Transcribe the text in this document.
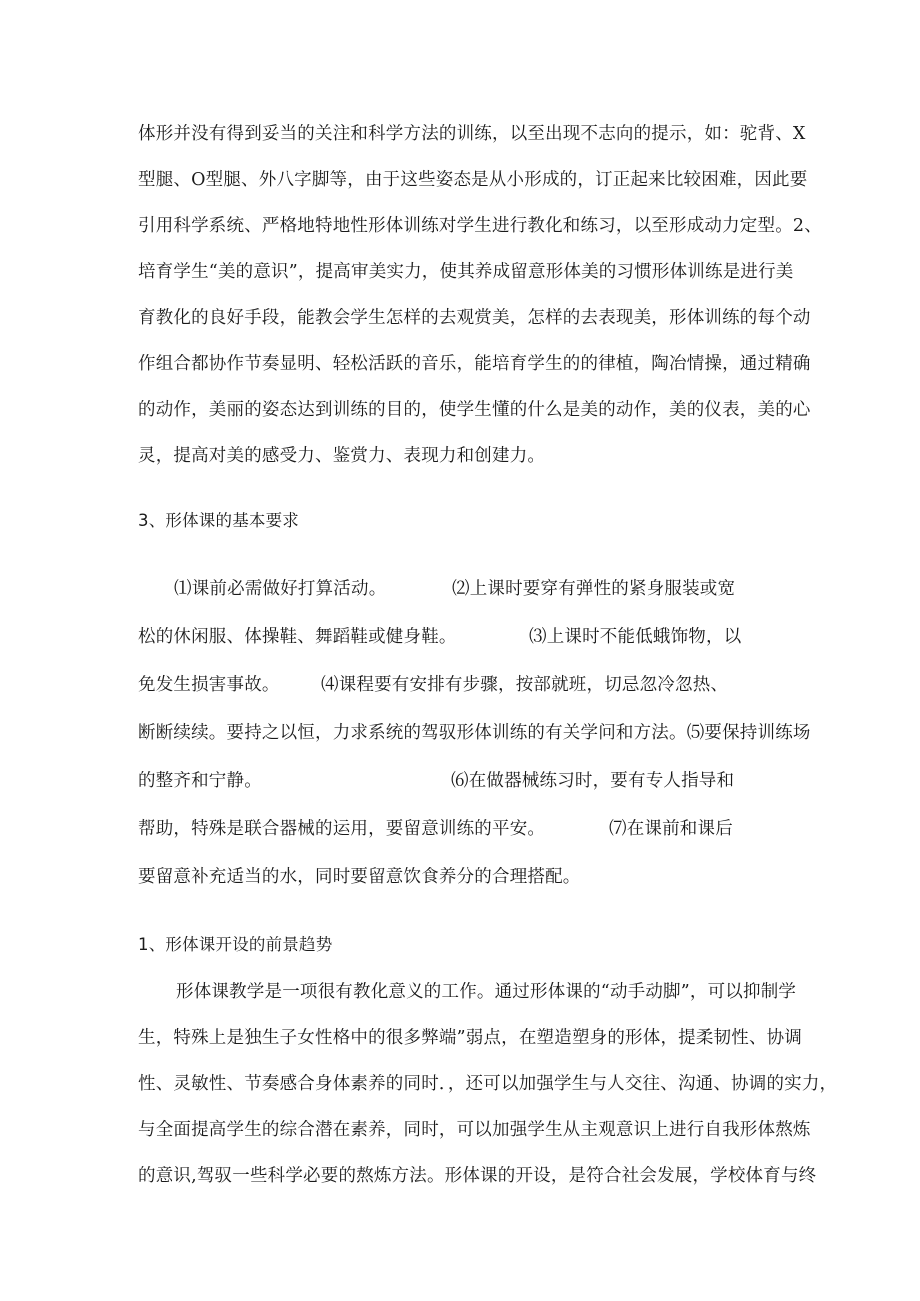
体形并没有得到妥当的关注和科学方法的训练，以至出现不志向的提示，如：驼背、X
型腿、O型腿、外八字脚等，由于这些姿态是从小形成的，订正起来比较困难，因此要
引用科学系统、严格地特地性形体训练对学生进行教化和练习，以至形成动力定型。2、
培育学生“美的意识”，提高审美实力，使其养成留意形体美的习惯形体训练是进行美
育教化的良好手段，能教会学生怎样的去观赏美，怎样的去表现美，形体训练的每个动
作组合都协作节奏显明、轻松活跃的音乐，能培育学生的的律植，陶冶情操，通过精确
的动作，美丽的姿态达到训练的目的，使学生懂的什么是美的动作，美的仪表，美的心
灵，提高对美的感受力、鉴赏力、表现力和创建力。
3、形体课的基本要求
⑴课前必需做好打算活动。	⑵上课时要穿有弹性的紧身服装或宽
松的休闲服、体操鞋、舞蹈鞋或健身鞋。	⑶上课时不能低蛾饰物，以
免发生损害事故。 ⑷课程要有安排有步骤，按部就班，切忌忽冷忽热、
断断续续。要持之以恒，力求系统的驾驭形体训练的有关学问和方法。⑸要保持训练场
的整齐和宁静。	⑹在做器械练习时，要有专人指导和
帮助，特殊是联合器械的运用，要留意训练的平安。	⑺在课前和课后
要留意补充适当的水，同时要留意饮食养分的合理搭配。
1、形体课开设的前景趋势
形体课教学是一项很有教化意义的工作。通过形体课的“动手动脚”，可以抑制学
生，特殊上是独生子女性格中的很多弊端”弱点，在塑造塑身的形体，提柔韧性、协调
性、灵敏性、节奏感合身体素养的同时．，还可以加强学生与人交往、沟通、协调的实力，
与全面提高学生的综合潜在素养，同时，可以加强学生从主观意识上进行自我形体熬炼
的意识,驾驭一些科学必要的熬炼方法。形体课的开设，是符合社会发展，学校体育与终
